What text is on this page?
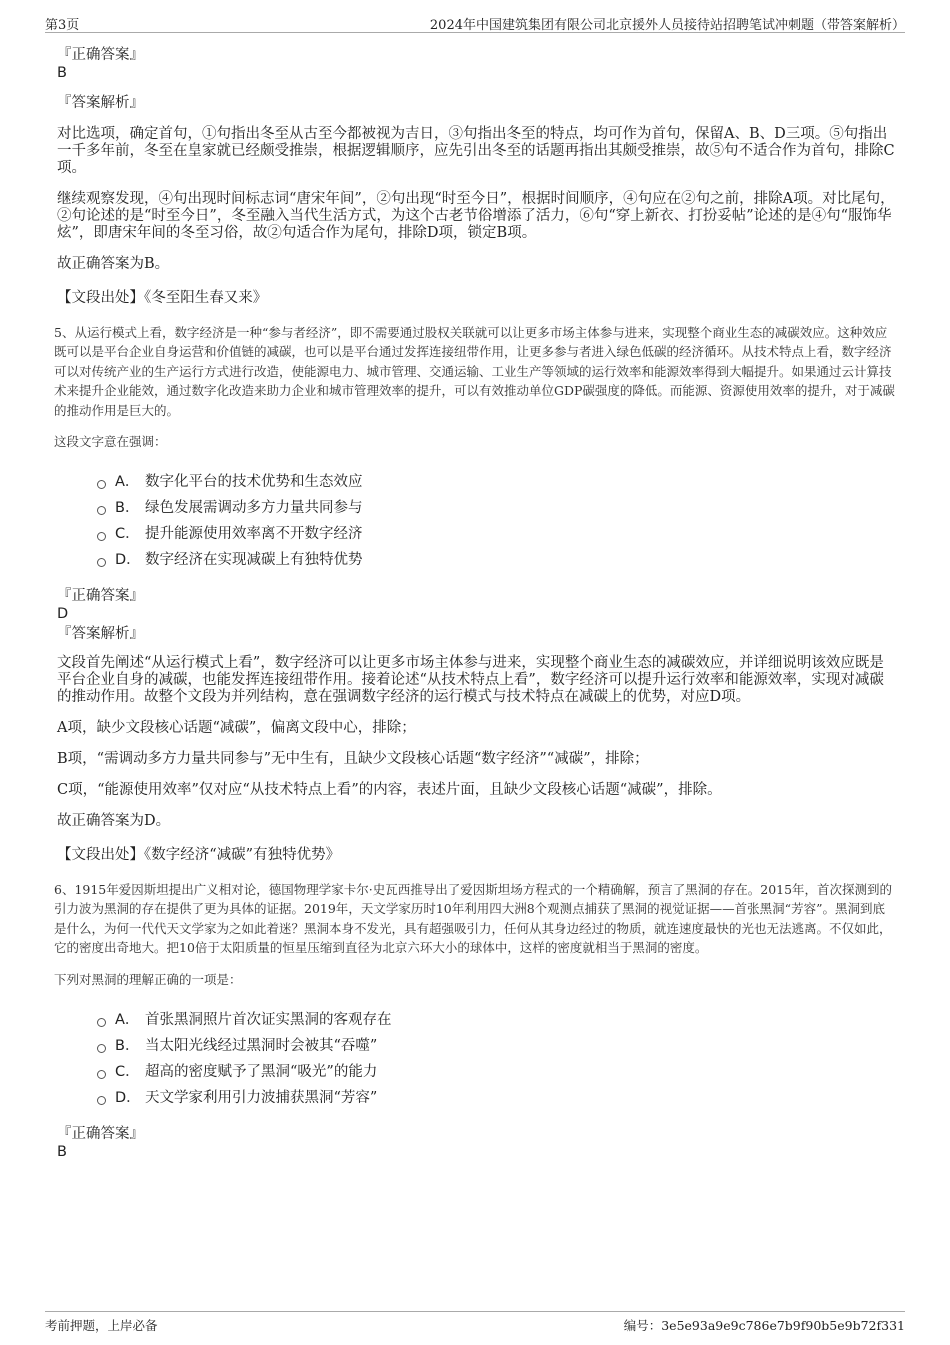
第3页	2024年中国建筑集团有限公司北京援外人员接待站招聘笔试冲刺题（带答案解析）
『正确答案』
B
『答案解析』

对比选项，确定首句，①句指出冬至从古至今都被视为吉日，③句指出冬至的特点，均可作为首句，保留A、B、D三项。⑤句指出一千多年前，冬至在皇家就已经颇受推崇，根据逻辑顺序，应先引出冬至的话题再指出其颇受推崇，故⑤句不适合作为首句，排除C项。

继续观察发现，④句出现时间标志词“唐宋年间”，②句出现“时至今日”，根据时间顺序，④句应在②句之前，排除A项。对比尾句，②句论述的是“时至今日”，冬至融入当代生活方式，为这个古老节俗增添了活力，⑥句“穿上新衣、打扮妥帖”论述的是④句“服饰华炫”，即唐宋年间的冬至习俗，故②句适合作为尾句，排除D项，锁定B项。

故正确答案为B。

【文段出处】《冬至阳生春又来》

5、从运行模式上看，数字经济是一种“参与者经济”，即不需要通过股权关联就可以让更多市场主体参与进来，实现整个商业生态的减碳效应。这种效应既可以是平台企业自身运营和价值链的减碳，也可以是平台通过发挥连接纽带作用，让更多参与者进入绿色低碳的经济循环。从技术特点上看，数字经济可以对传统产业的生产运行方式进行改造，使能源电力、城市管理、交通运输、工业生产等领域的运行效率和能源效率得到大幅提升。如果通过云计算技术来提升企业能效，通过数字化改造来助力企业和城市管理效率的提升，可以有效推动单位GDP碳强度的降低。而能源、资源使用效率的提升，对于减碳的推动作用是巨大的。

这段文字意在强调：

A． 数字化平台的技术优势和生态效应
B． 绿色发展需调动多方力量共同参与
C． 提升能源使用效率离不开数字经济
D． 数字经济在实现减碳上有独特优势
『正确答案』
D
『答案解析』

文段首先阐述“从运行模式上看”，数字经济可以让更多市场主体参与进来，实现整个商业生态的减碳效应，并详细说明该效应既是平台企业自身的减碳，也能发挥连接纽带作用。接着论述“从技术特点上看”，数字经济可以提升运行效率和能源效率，实现对减碳的推动作用。故整个文段为并列结构，意在强调数字经济的运行模式与技术特点在减碳上的优势，对应D项。

A项，缺少文段核心话题“减碳”，偏离文段中心，排除；

B项，“需调动多方力量共同参与”无中生有，且缺少文段核心话题“数字经济”“减碳”，排除；

C项，“能源使用效率”仅对应“从技术特点上看”的内容，表述片面，且缺少文段核心话题“减碳”，排除。

故正确答案为D。

【文段出处】《数字经济“减碳”有独特优势》

6、1915年爱因斯坦提出广义相对论，德国物理学家卡尔·史瓦西推导出了爱因斯坦场方程式的一个精确解，预言了黑洞的存在。2015年，首次探测到的引力波为黑洞的存在提供了更为具体的证据。2019年，天文学家历时10年利用四大洲8个观测点捕获了黑洞的视觉证据——首张黑洞“芳容”。黑洞到底是什么，为何一代代天文学家为之如此着迷？黑洞本身不发光，具有超强吸引力，任何从其身边经过的物质，就连速度最快的光也无法逃离。不仅如此，它的密度出奇地大。把10倍于太阳质量的恒星压缩到直径为北京六环大小的球体中，这样的密度就相当于黑洞的密度。

下列对黑洞的理解正确的一项是：

A． 首张黑洞照片首次证实黑洞的客观存在
B． 当太阳光线经过黑洞时会被其“吞噬”
C． 超高的密度赋予了黑洞“吸光”的能力
D． 天文学家利用引力波捕获黑洞“芳容”
『正确答案』
B
考前押题，上岸必备	编号：3e5e93a9e9c786e7b9f90b5e9b72f331
